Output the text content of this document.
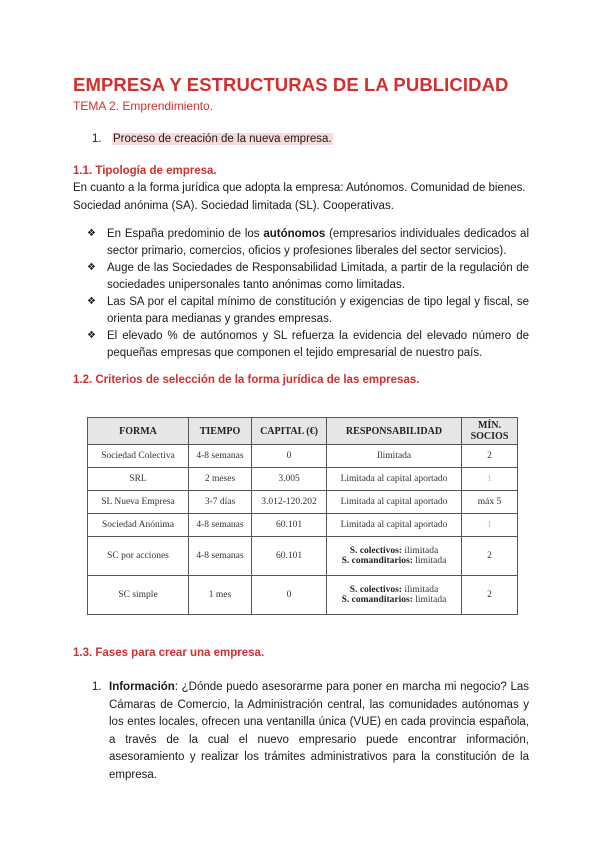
EMPRESA Y ESTRUCTURAS DE LA PUBLICIDAD
TEMA 2. Emprendimiento.
1. Proceso de creación de la nueva empresa.
1.1. Tipología de empresa.
En cuanto a la forma jurídica que adopta la empresa: Autónomos. Comunidad de bienes.
Sociedad anónima (SA). Sociedad limitada (SL). Cooperativas.
❖ En España predominio de los autónomos (empresarios individuales dedicados al sector primario, comercios, oficios y profesiones liberales del sector servicios).
❖ Auge de las Sociedades de Responsabilidad Limitada, a partir de la regulación de sociedades unipersonales tanto anónimas como limitadas.
❖ Las SA por el capital mínimo de constitución y exigencias de tipo legal y fiscal, se orienta para medianas y grandes empresas.
❖ El elevado % de autónomos y SL refuerza la evidencia del elevado número de pequeñas empresas que componen el tejido empresarial de nuestro país.
1.2. Criterios de selección de la forma jurídica de las empresas.
FORMA	TIEMPO	CAPITAL (€)	RESPONSABILIDAD	MÍN. SOCIOS
Sociedad Colectiva	4-8 semanas	0	Ilimitada	2
SRL	2 meses	3.005	Limitada al capital aportado	1
SL Nueva Empresa	3-7 días	3.012-120.202	Limitada al capital aportado	máx 5
Sociedad Anónima	4-8 semanas	60.101	Limitada al capital aportado	1
SC por acciones	4-8 semanas	60.101	S. colectivos: ilimitada
S. comanditarios: limitada	2
SC simple	1 mes	0	S. colectivos: ilimitada
S. comanditarios: limitada	2
1.3. Fases para crear una empresa.
1. Información: ¿Dónde puedo asesorarme para poner en marcha mi negocio? Las Cámaras de Comercio, la Administración central, las comunidades autónomas y los entes locales, ofrecen una ventanilla única (VUE) en cada provincia española, a través de la cual el nuevo empresario puede encontrar información, asesoramiento y realizar los trámites administrativos para la constitución de la empresa.
